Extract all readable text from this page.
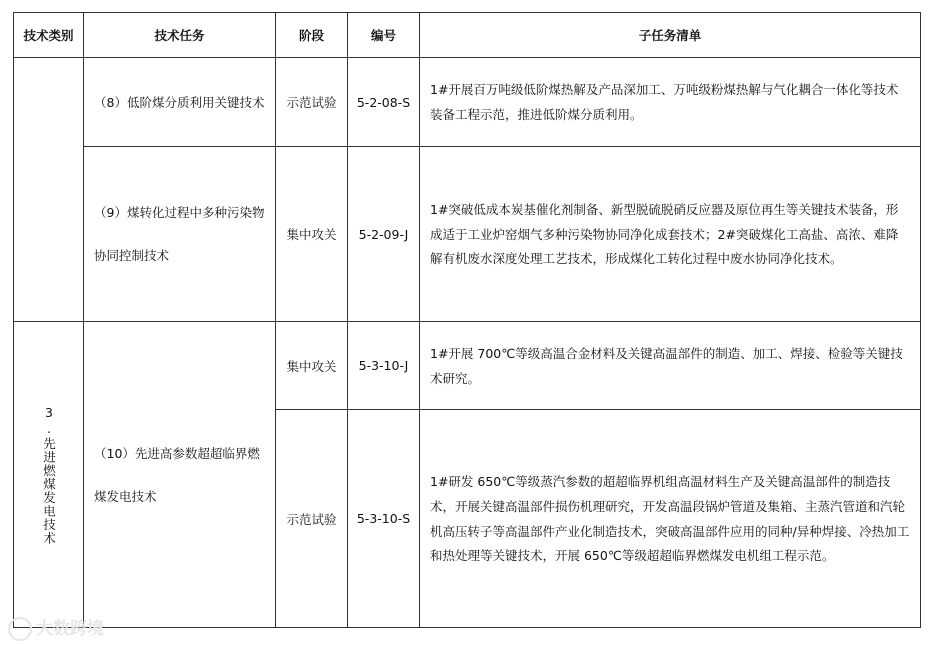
技术类别	技术任务	阶段	编号	子任务清单
	（8）低阶煤分质利用关键技术	示范试验	5-2-08-S	1#开展百万吨级低阶煤热解及产品深加工、万吨级粉煤热解与气化耦合一体化等技术装备工程示范，推进低阶煤分质利用。
	（9）煤转化过程中多种污染物协同控制技术	集中攻关	5-2-09-J	1#突破低成本炭基催化剂制备、新型脱硫脱硝反应器及原位再生等关键技术装备，形成适于工业炉窑烟气多种污染物协同净化成套技术；2#突破煤化工高盐、高浓、难降解有机废水深度处理工艺技术，形成煤化工转化过程中废水协同净化技术。

3.先进燃煤发电技术	（10）先进高参数超超临界燃煤发电技术	集中攻关	5-3-10-J	1#开展 700℃等级高温合金材料及关键高温部件的制造、加工、焊接、检验等关键技术研究。
		示范试验	5-3-10-S	1#研发 650℃等级蒸汽参数的超超临界机组高温材料生产及关键高温部件的制造技术，开展关键高温部件损伤机理研究，开发高温段锅炉管道及集箱、主蒸汽管道和汽轮机高压转子等高温部件产业化制造技术，突破高温部件应用的同种/异种焊接、冷热加工和热处理等关键技术，开展 650℃等级超超临界燃煤发电机组工程示范。
大数跨境
